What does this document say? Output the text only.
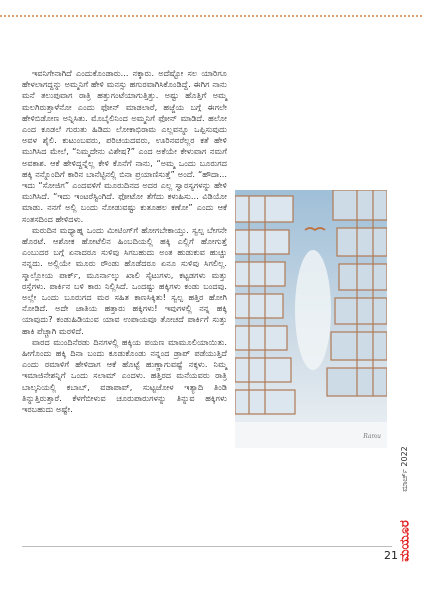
Ramu

ಇವನಿಗೇನಾಗಿದೆ ಎಂದುಕೊಂಡಾರು... ನಕ್ಕಾರು. ಅದೆಷ್ಟೋ ಸಲ ಯಾರಿಗೂ ಹೇಳಲಾಗದ್ದನ್ನು ಅಮ್ಮನಿಗೆ ಹೇಳಿ ಮನಸ್ಸು ಹಗುರವಾಗಿಸಿಕೊಂಡಿದ್ದೆ. ಈಗಿಗ ನಾನು ಮನೆ ತಲುಪುವಾಗ ರಾತ್ರಿ ಹತ್ತುಗಂಟೆಯಾಗುತ್ತಿತ್ತು. ಅಷ್ಟು ಹೊತ್ತಿಗೆ ಅಮ್ಮ ಮಲಗಿರುತ್ತಾಳೆನೋ ಎಂದು ಫೋನ್ ಮಾಡಲಾರೆ, ಹಜ್ಜೆಯ ಬಗ್ಗೆ ಈಗಲೇ ಹೇಳಿಬಿಡೋಣ ಅನ್ನಿಸಿತು. ಮೊಬೈಲಿನಿಂದ ಅಮ್ಮನಿಗೆ ಫೋನ್ ಮಾಡಿದೆ. ಹಲೋ ಎಂದ ಕೂಡಲೆ ಗುರುತು ಹಿಡಿದು ಲೋಕಾಭಿರಾಮ ಎಲ್ಲವನ್ನೂ ಒಪ್ಪಿಸುವುದು ಅವಳ ಶೈಲಿ. ಕುಟುಂಬವರು, ಪರಿಚಯದವರು, ಊರಿನವರೆಲ್ಲರ ಕತೆ ಹೇಳಿ ಮುಗಿಸಿದ ಮೇಲೆ, “ನಿಮ್ಮದೇನು ವಿಶೇಷ?” ಎಂದ ಅಕೆಯೇ ಕೇಳುವಾಗ ನಮಗೆ ಅವಕಾಶ. ಆಕೆ ಹೇಳಿದ್ದನ್ನೆಲ್ಲ ಕೇಳಿ ಕೊನೆಗೆ ನಾನು, “ಅಮ್ಮ ಒಂದು ಬೂರುಗದ ಹಕ್ಕಿ ನನ್ನೊಂದಿಗೆ ಕಾರಿನ ಬಾನೆಟ್ಟಿನಲ್ಲಿ ಬಿನಾ ಪ್ರಯಾಣಿಸುತ್ತೆ” ಅಂದೆ. “ಹೌದಾ... ಇದು “ಸೋಜಿಗ” ಎಂದವಳಿಗೆ ಮೂರುದಿನದ ಅದರ ಎಲ್ಲ ಸ್ವಾರಸ್ಯಗಳನ್ನು ಹೇಳಿ ಮುಗಿಸಿದೆ. “ಇದು ಇಂಟರೆಸ್ಟಿಂಗಿದೆ. ಫೋಟೋ ತೆಗೆದು ಕಳುಹಿಸು... ವಿಡಿಯೋ ಮಾಡು. ನನಗೆ ಅಲ್ಲಿ ಬಂದು ನೋಡುವಷ್ಟು ಕುತೂಹಲ ಕಣೋ” ಎಂದು ಆಕೆ ಸಂತಸದಿಂದ ಹೇಳಿದಳು.

ಮರುದಿನ ಮಧ್ಯಾಹ್ನ ಒಂದು ಮೀಟಿಂಗ್‌ಗೆ ಹೋಗಬೇಕಾಯ್ತು. ಸ್ವಲ್ಪ ಬೇಗನೇ ಹೊರಟೆ. ಆಶೋಕ ಹೋಟೆಲಿನ ಹಿಂಬದಿಯಲ್ಲಿ ಹಕ್ಕಿ ಎಲ್ಲಿಗೆ ಹೋಗುತ್ತೆ ಎಂಬುದರ ಬಗ್ಗೆ ಏನಾದರೂ ಸುಳಿವು ಸಿಗಬಹುದು ಅಂತ ಹುಡುಕುವ ಹುಚ್ಚು ನನ್ನದು. ಅಲ್ಲಿಯೇ ಮೂರು ರೌಂಡು ಹೊಡೆದರೂ ಏನೂ ಸುಳಿವು ಸಿಗಲಿಲ್ಲ. ಸ್ಮಾಲ್ಲೋಯ ಪಾರ್ಕ್, ಮೂರ್ನಾಲ್ಕು ಖಾಲಿ ಸೈಟುಗಳು, ಕಟ್ಟಡಗಳು ಮತ್ತು ರಸ್ತೆಗಳು. ಪಾರ್ಕಿನ ಬಳಿ ಕಾರು ನಿಲ್ಲಿಸಿದೆ. ಒಂದಷ್ಟು ಹಕ್ಕಿಗಳು ಕಂಡು ಬಂದವು. ಅಲ್ಲೇ ಒಂದು ಬೂರುಗದ ಮರ ಸಹಿತ ಕಾಣಸಿಕ್ಕಿತು! ಸ್ವಲ್ಪ ಹತ್ತಿರ ಹೋಗಿ ನೋಡಿದೆ. ಅದೇ ಜಾತಿಯ ಹತ್ತಾರು ಹಕ್ಕಿಗಳು! ಇವುಗಳಲ್ಲಿ ನನ್ನ ಹಕ್ಕಿ ಯಾವುದು? ಕಂಡುಹಿಡಿಯುವ ಯಾವ ಉಪಾಯವೂ ತೋಚದೆ ಪಾರ್ಕಿಗೆ ಸುತ್ತು ಹಾಕಿ ಪೆಚ್ಚಾಗಿ ಮರಳಿದೆ.

ವಾರದ ಮುಂದಿನೆರಡು ದಿನಗಳಲ್ಲಿ ಹಕ್ಕಿಯ ಪಯಣ ಮಾಮೂಲಿಯಾಯಿತು. ಹೀಗೊಂದು ಹಕ್ಕಿ ದಿನಾ ಬಂದು ಕೂಡುಕೊಂಡು ನನ್ನಂದ ಡ್ರಾಪ್ ಪಡೆಯುತ್ತಿದೆ ಎಂದು ರಮಾಳಿಗೆ ಹೇಳಿದಾಗ ಆಕೆ ಹೊಟ್ಟೆ ಹುಣ್ಣಾಗುವಷ್ಟೆ ನಕ್ಕಳು. ನಿಮ್ಮ ಇಮಾಜಿನೇಶನ್ನಿಗೆ ಒಂದು ಸಲಾಮ್ ಎಂದಳು. ಹತ್ತಿರದ ಮನೆಯವರು ರಾತ್ರಿ ಬಾಲ್ಕನಿಯಲ್ಲಿ ಕಬಾಬ್, ವಡಾಪಾವ್, ಸುಟ್ಟಜೋಳ ಇತ್ಯಾದಿ ತಿಂಡಿ ತಿನ್ನುತ್ತಿರುತ್ತಾರೆ. ಕೆಳಗೆಬೀಳುವ ಚೂರುಪಾರುಗಳನ್ನು ತಿನ್ನುವ ಹಕ್ಕಿಗಳು ಇರಬಹುದು ಅಷ್ಟೇ.

ಮಾರ್ಚ್ 2022
ಮಯೂರ
21
